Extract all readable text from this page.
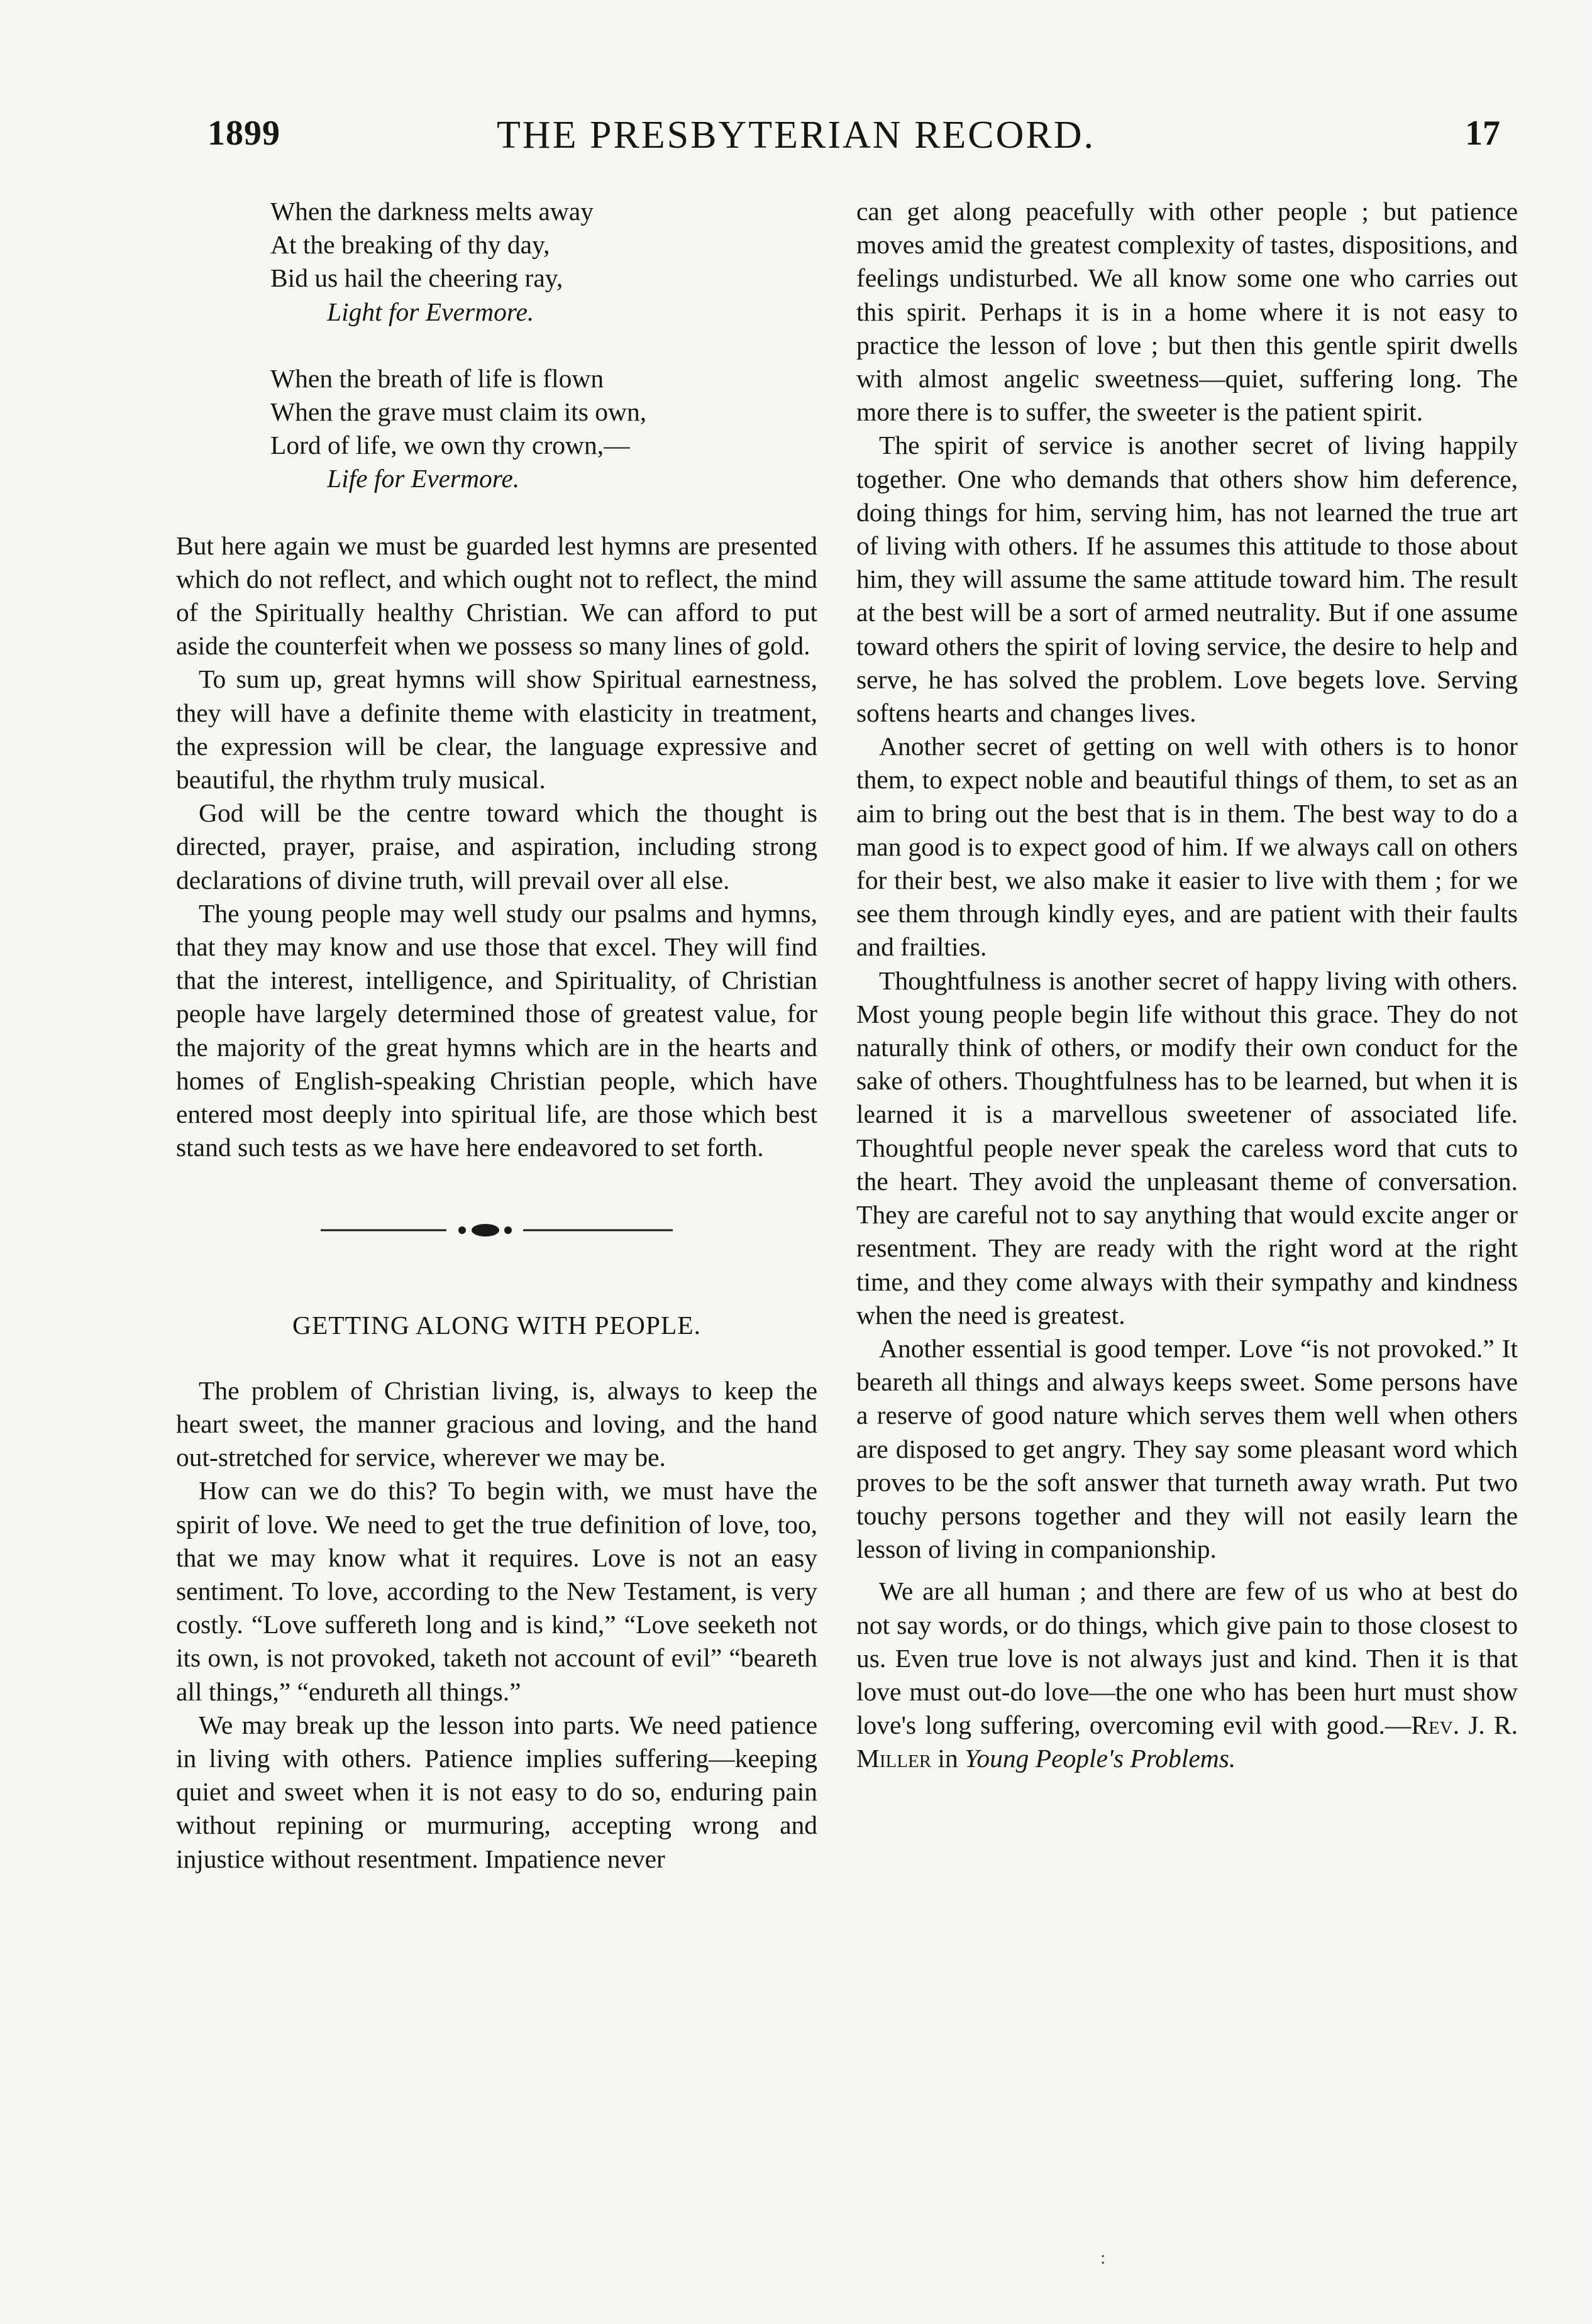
1899	THE PRESBYTERIAN RECORD.	17
When the darkness melts away
At the breaking of thy day,
Bid us hail the cheering ray,
Light for Evermore.
When the breath of life is flown
When the grave must claim its own,
Lord of life, we own thy crown,—
Life for Evermore.

But here again we must be guarded lest hymns are presented which do not reflect, and which ought not to reflect, the mind of the Spiritually healthy Christian. We can afford to put aside the counterfeit when we possess so many lines of gold.

To sum up, great hymns will show Spiritual earnestness, they will have a definite theme with elasticity in treatment, the expression will be clear, the language expressive and beautiful, the rhythm truly musical.

God will be the centre toward which the thought is directed, prayer, praise, and aspiration, including strong declarations of divine truth, will prevail over all else.

The young people may well study our psalms and hymns, that they may know and use those that excel. They will find that the interest, intelligence, and Spirituality, of Christian people have largely determined those of greatest value, for the majority of the great hymns which are in the hearts and homes of English-speaking Christian people, which have entered most deeply into spiritual life, are those which best stand such tests as we have here endeavored to set forth.

GETTING ALONG WITH PEOPLE.

The problem of Christian living, is, always to keep the heart sweet, the manner gracious and loving, and the hand out-stretched for service, wherever we may be.

How can we do this? To begin with, we must have the spirit of love. We need to get the true definition of love, too, that we may know what it requires. Love is not an easy sentiment. To love, according to the New Testament, is very costly. “Love suffereth long and is kind,” “Love seeketh not its own, is not provoked, taketh not account of evil” “beareth all things,” “endureth all things.”

We may break up the lesson into parts. We need patience in living with others. Patience implies suffering—keeping quiet and sweet when it is not easy to do so, enduring pain without repining or murmuring, accepting wrong and injustice without resentment. Impatience never

can get along peacefully with other people ; but patience moves amid the greatest complexity of tastes, dispositions, and feelings undisturbed. We all know some one who carries out this spirit. Perhaps it is in a home where it is not easy to practice the lesson of love ; but then this gentle spirit dwells with almost angelic sweetness—quiet, suffering long. The more there is to suffer, the sweeter is the patient spirit.

The spirit of service is another secret of living happily together. One who demands that others show him deference, doing things for him, serving him, has not learned the true art of living with others. If he assumes this attitude to those about him, they will assume the same attitude toward him. The result at the best will be a sort of armed neutrality. But if one assume toward others the spirit of loving service, the desire to help and serve, he has solved the problem. Love begets love. Serving softens hearts and changes lives.

Another secret of getting on well with others is to honor them, to expect noble and beautiful things of them, to set as an aim to bring out the best that is in them. The best way to do a man good is to expect good of him. If we always call on others for their best, we also make it easier to live with them ; for we see them through kindly eyes, and are patient with their faults and frailties.

Thoughtfulness is another secret of happy living with others. Most young people begin life without this grace. They do not naturally think of others, or modify their own conduct for the sake of others. Thoughtfulness has to be learned, but when it is learned it is a marvellous sweetener of associated life. Thoughtful people never speak the careless word that cuts to the heart. They avoid the unpleasant theme of conversation. They are careful not to say anything that would excite anger or resentment. They are ready with the right word at the right time, and they come always with their sympathy and kindness when the need is greatest.

Another essential is good temper. Love “is not provoked.” It beareth all things and always keeps sweet. Some persons have a reserve of good nature which serves them well when others are disposed to get angry. They say some pleasant word which proves to be the soft answer that turneth away wrath. Put two touchy persons together and they will not easily learn the lesson of living in companionship.

We are all human ; and there are few of us who at best do not say words, or do things, which give pain to those closest to us. Even true love is not always just and kind. Then it is that love must out-do love—the one who has been hurt must show love's long suffering, overcoming evil with good.—Rev. J. R. Miller in Young People's Problems.

:
